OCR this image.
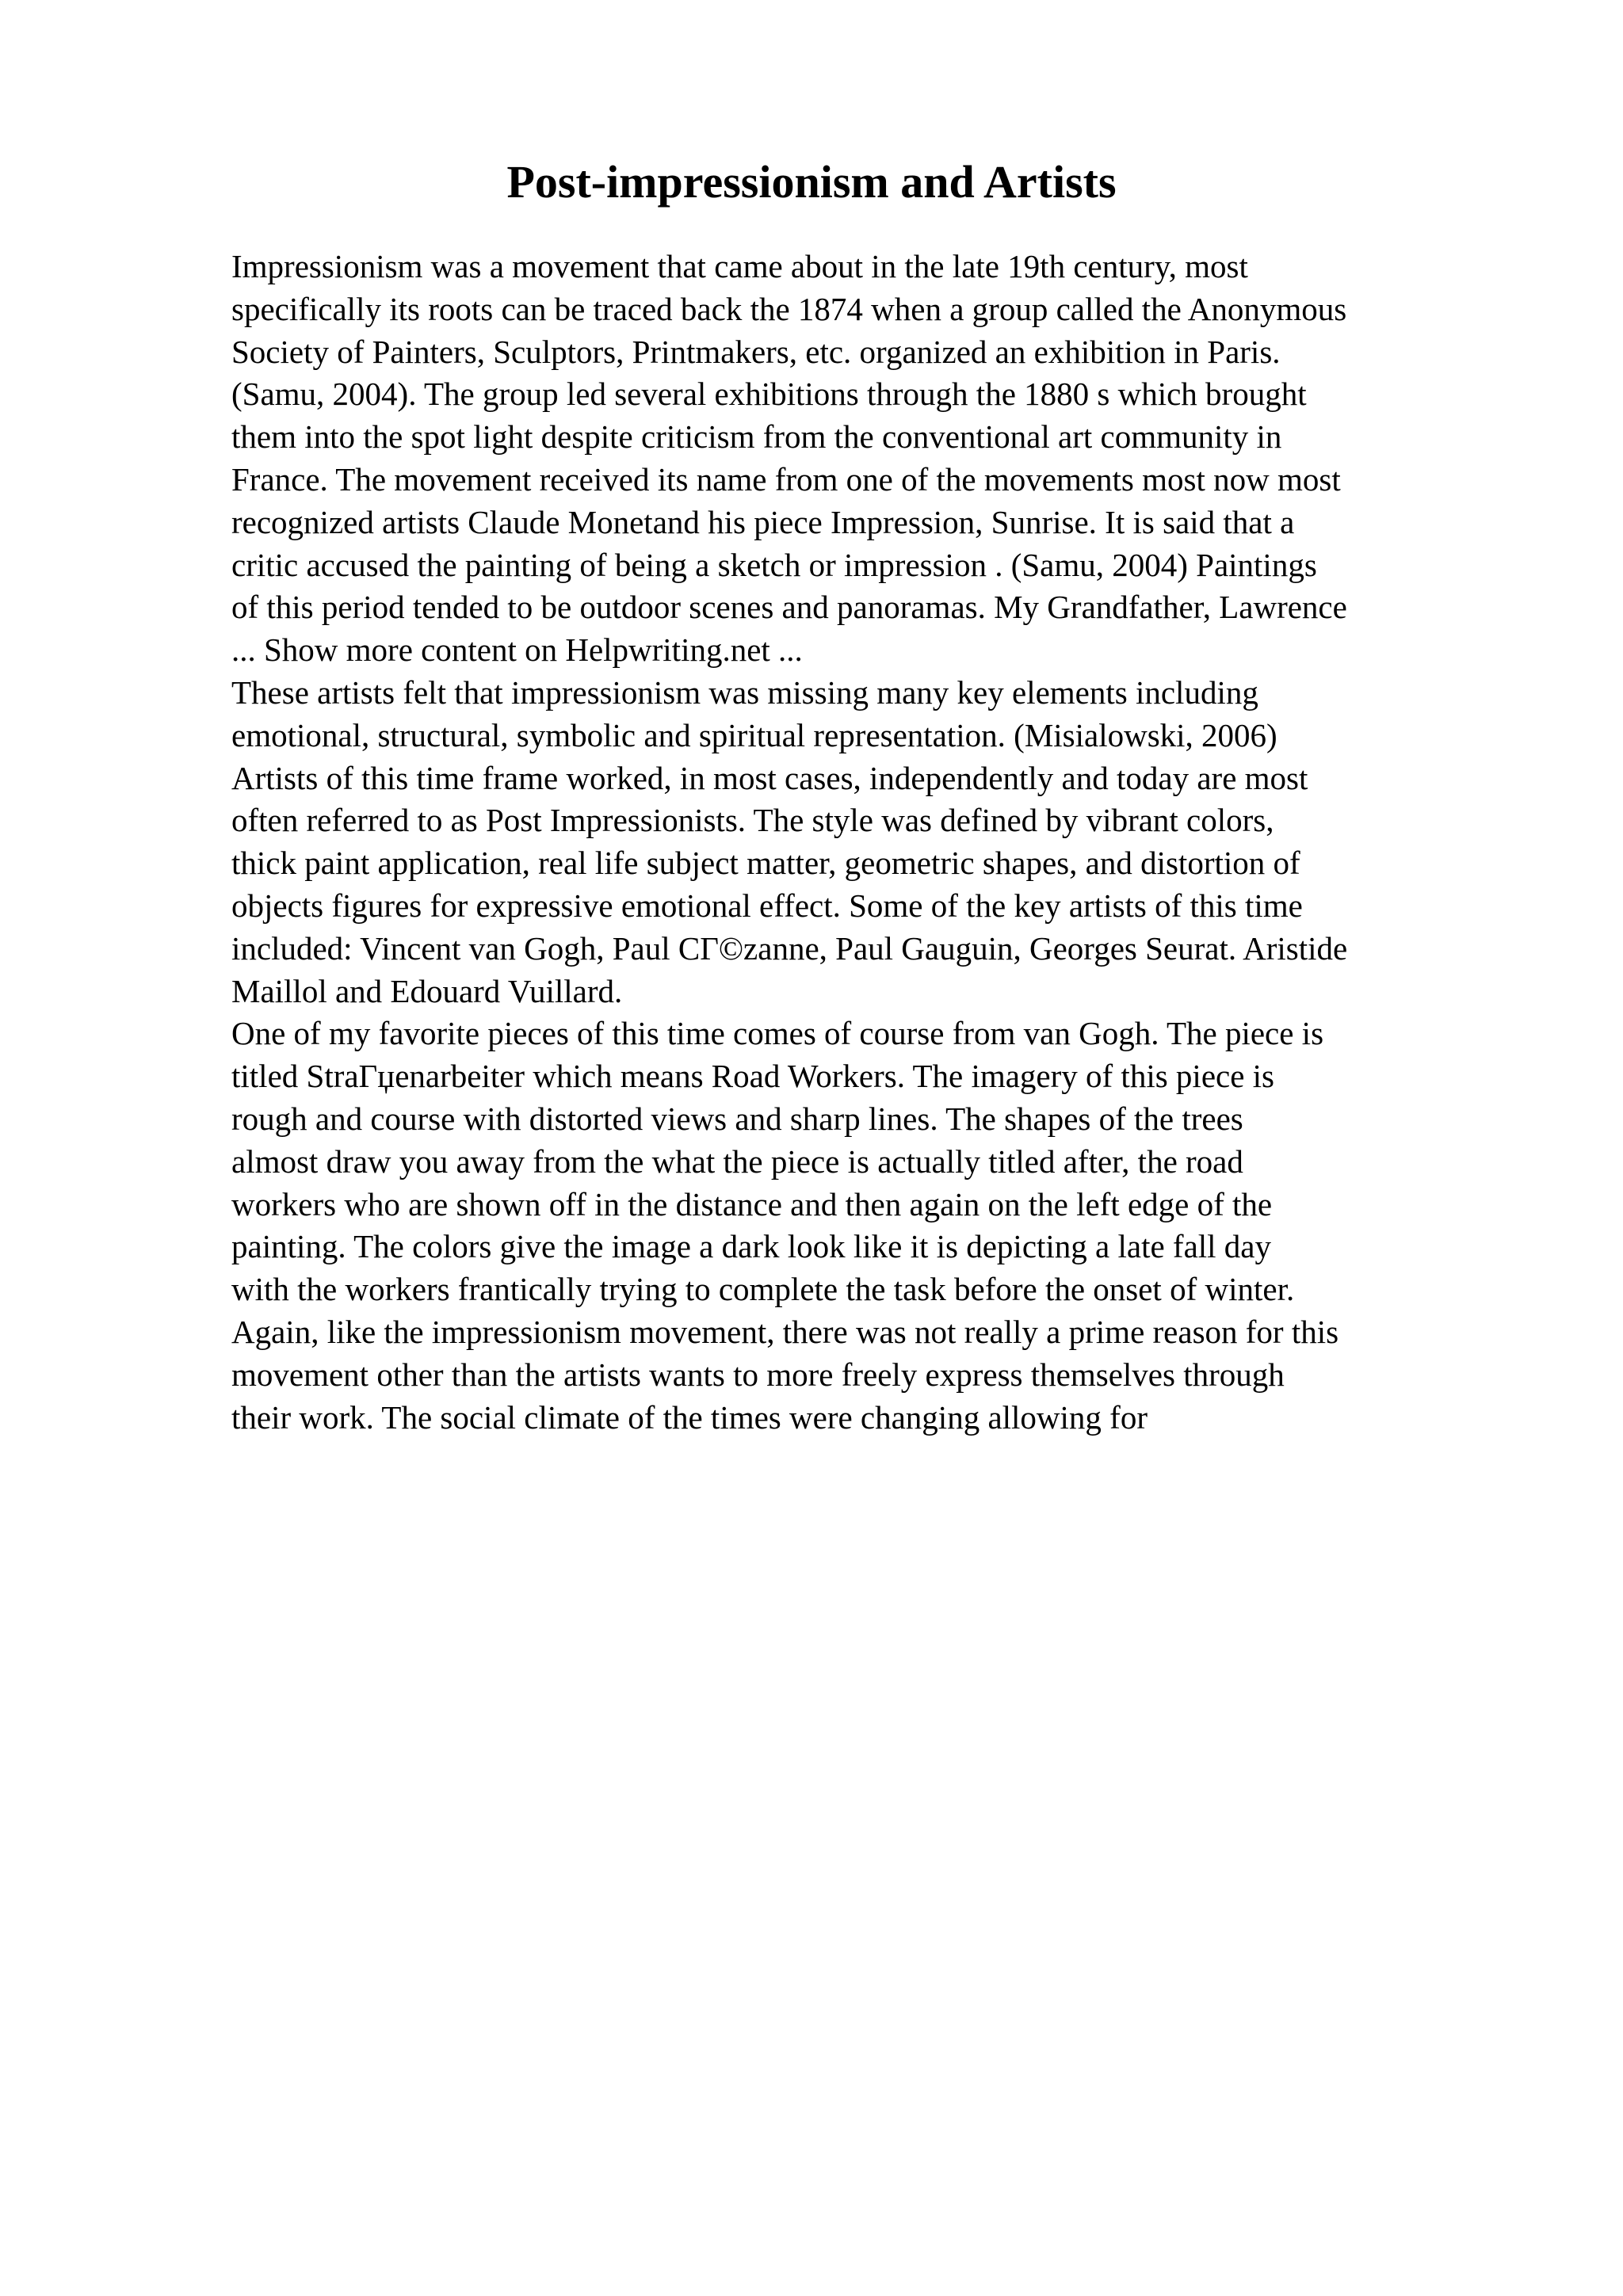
Post-impressionism and Artists
Impressionism was a movement that came about in the late 19th century, most
specifically its roots can be traced back the 1874 when a group called the Anonymous
Society of Painters, Sculptors, Printmakers, etc. organized an exhibition in Paris.
(Samu, 2004). The group led several exhibitions through the 1880 s which brought
them into the spot light despite criticism from the conventional art community in
France. The movement received its name from one of the movements most now most
recognized artists Claude Monetand his piece Impression, Sunrise. It is said that a
critic accused the painting of being a sketch or impression . (Samu, 2004) Paintings
of this period tended to be outdoor scenes and panoramas. My Grandfather, Lawrence
... Show more content on Helpwriting.net ...
These artists felt that impressionism was missing many key elements including
emotional, structural, symbolic and spiritual representation. (Misialowski, 2006)
Artists of this time frame worked, in most cases, independently and today are most
often referred to as Post Impressionists. The style was defined by vibrant colors,
thick paint application, real life subject matter, geometric shapes, and distortion of
objects figures for expressive emotional effect. Some of the key artists of this time
included: Vincent van Gogh, Paul CГ©zanne, Paul Gauguin, Georges Seurat. Aristide
Maillol and Edouard Vuillard.
One of my favorite pieces of this time comes of course from van Gogh. The piece is
titled StraГџenarbeiter which means Road Workers. The imagery of this piece is
rough and course with distorted views and sharp lines. The shapes of the trees
almost draw you away from the what the piece is actually titled after, the road
workers who are shown off in the distance and then again on the left edge of the
painting. The colors give the image a dark look like it is depicting a late fall day
with the workers frantically trying to complete the task before the onset of winter.
Again, like the impressionism movement, there was not really a prime reason for this
movement other than the artists wants to more freely express themselves through
their work. The social climate of the times were changing allowing for
